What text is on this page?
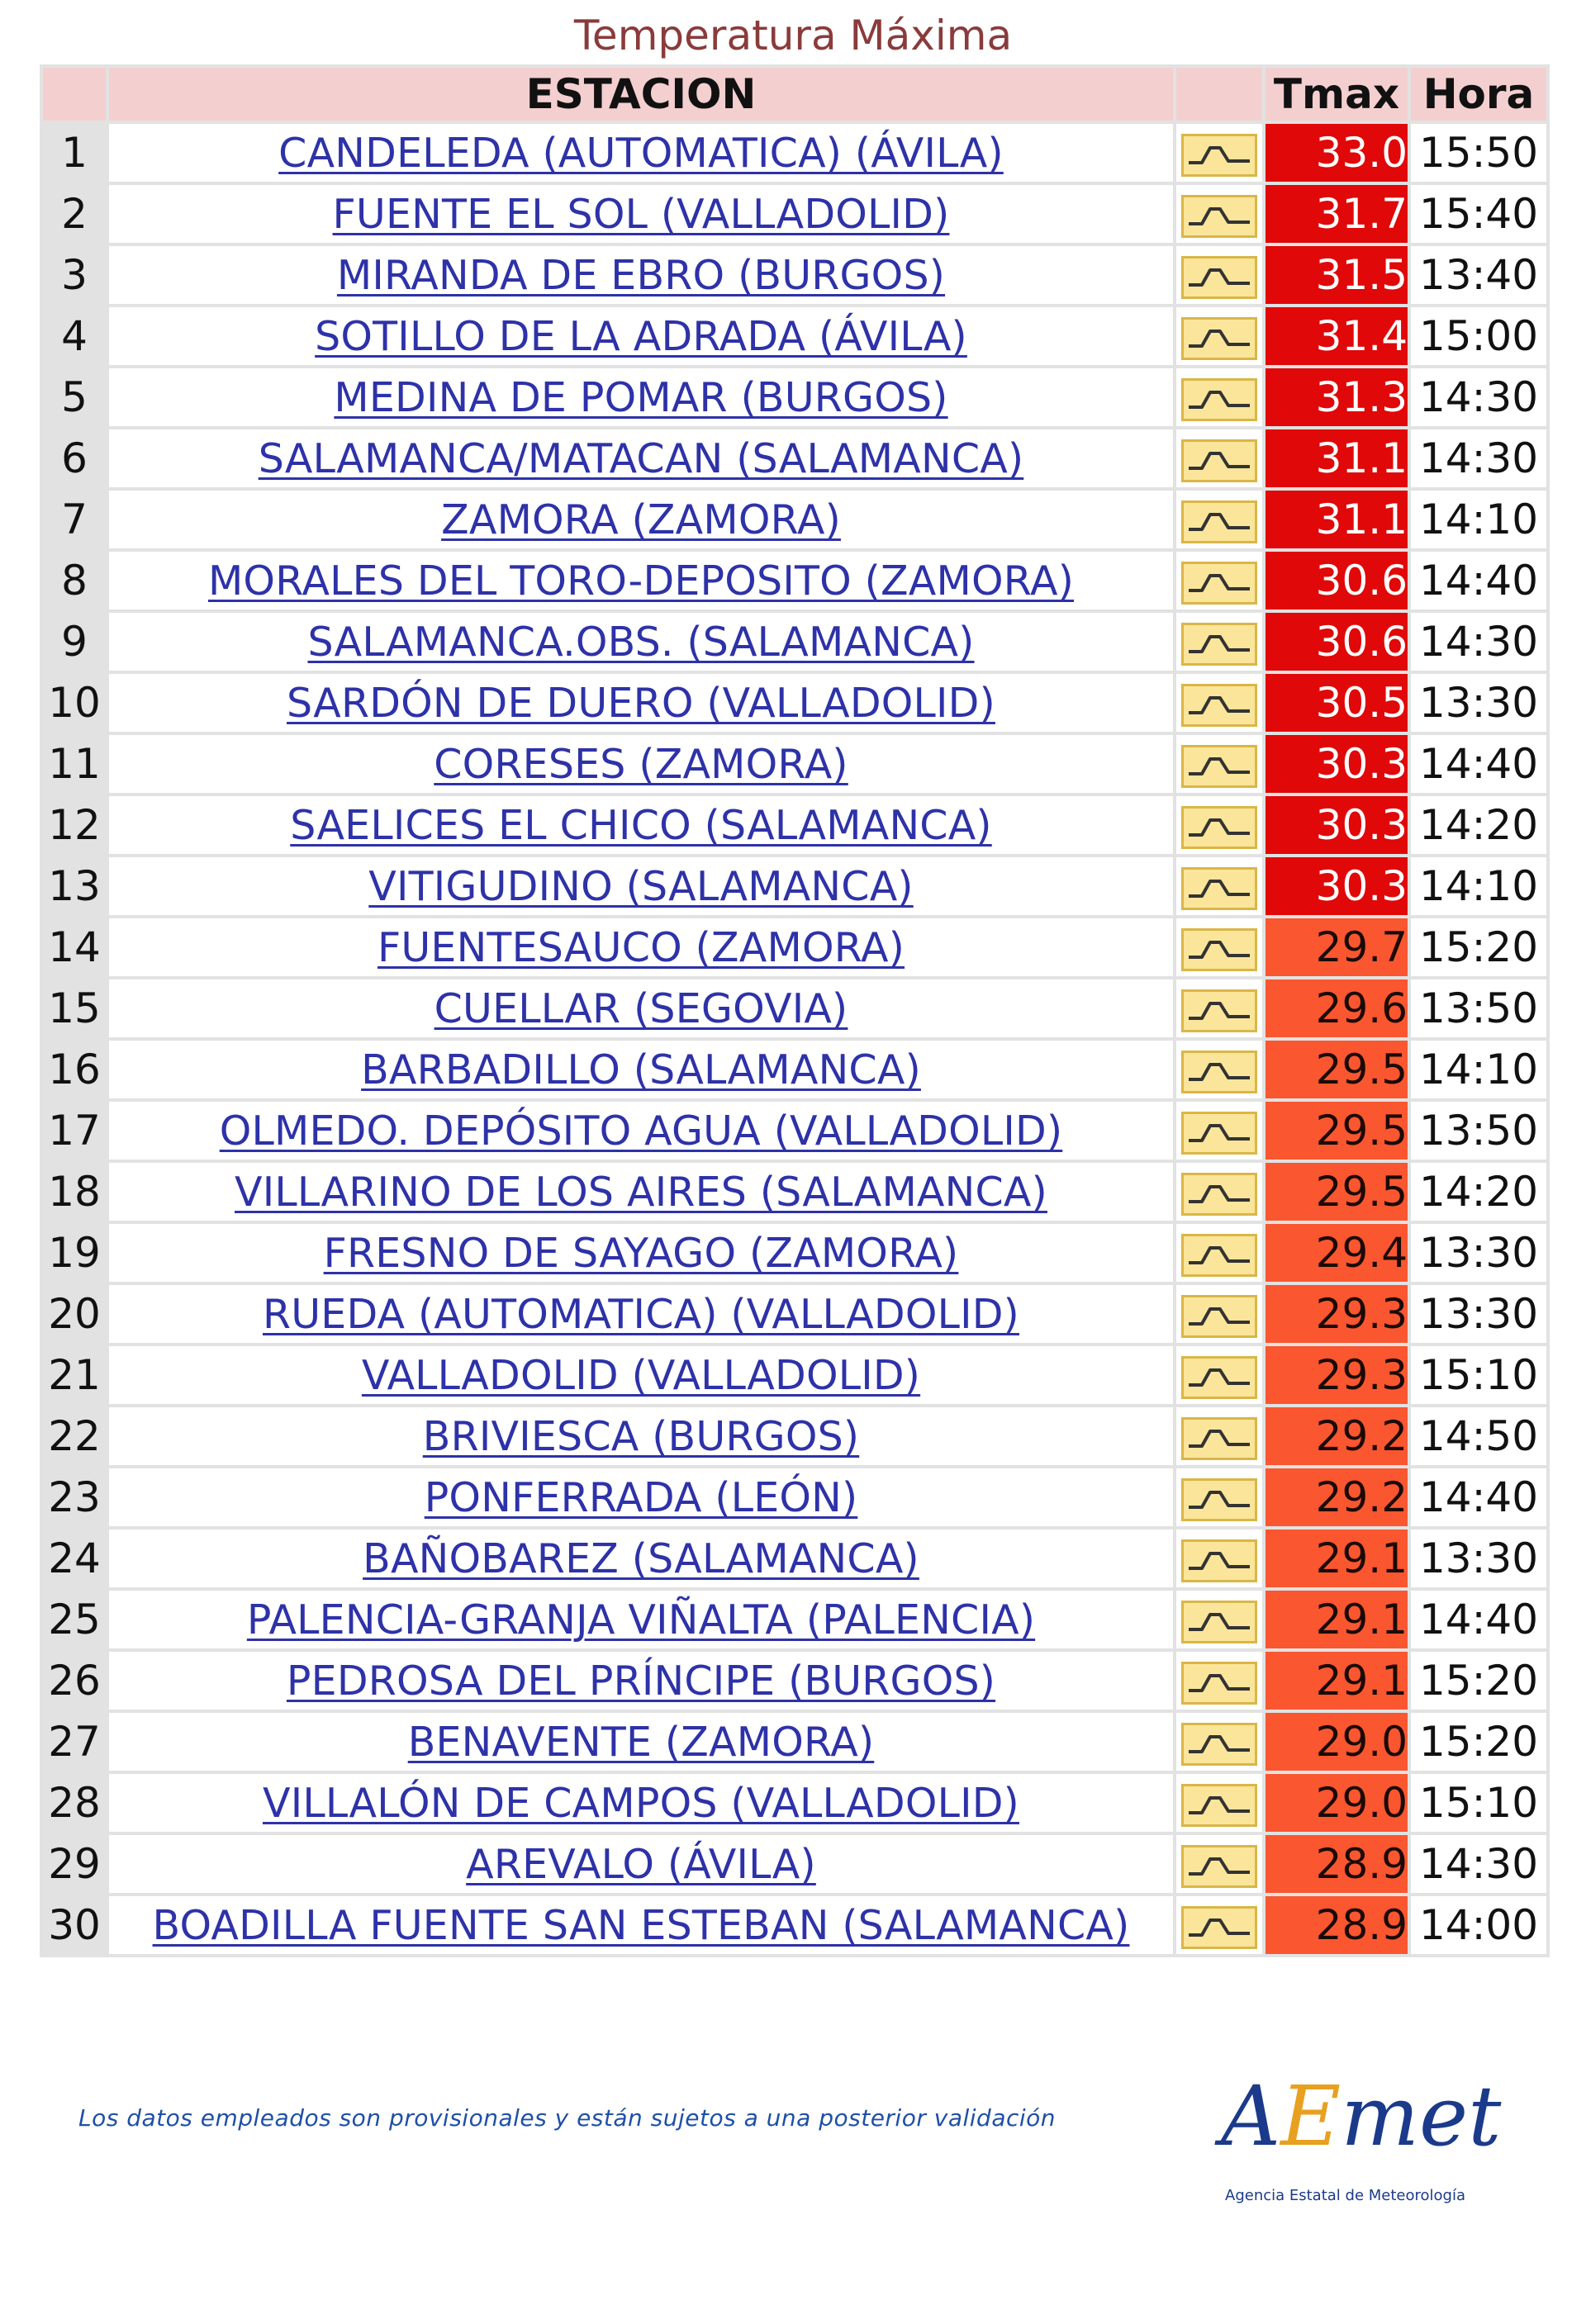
Temperatura Máxima
	ESTACION		Tmax	Hora
1	CANDELEDA (AUTOMATICA) (ÁVILA)		33.0	15:50
2	FUENTE EL SOL (VALLADOLID)		31.7	15:40
3	MIRANDA DE EBRO (BURGOS)		31.5	13:40
4	SOTILLO DE LA ADRADA (ÁVILA)		31.4	15:00
5	MEDINA DE POMAR (BURGOS)		31.3	14:30
6	SALAMANCA/MATACAN (SALAMANCA)		31.1	14:30
7	ZAMORA (ZAMORA)		31.1	14:10
8	MORALES DEL TORO-DEPOSITO (ZAMORA)		30.6	14:40
9	SALAMANCA.OBS. (SALAMANCA)		30.6	14:30
10	SARDÓN DE DUERO (VALLADOLID)		30.5	13:30
11	CORESES (ZAMORA)		30.3	14:40
12	SAELICES EL CHICO (SALAMANCA)		30.3	14:20
13	VITIGUDINO (SALAMANCA)		30.3	14:10
14	FUENTESAUCO (ZAMORA)		29.7	15:20
15	CUELLAR (SEGOVIA)		29.6	13:50
16	BARBADILLO (SALAMANCA)		29.5	14:10
17	OLMEDO. DEPÓSITO AGUA (VALLADOLID)		29.5	13:50
18	VILLARINO DE LOS AIRES (SALAMANCA)		29.5	14:20
19	FRESNO DE SAYAGO (ZAMORA)		29.4	13:30
20	RUEDA (AUTOMATICA) (VALLADOLID)		29.3	13:30
21	VALLADOLID (VALLADOLID)		29.3	15:10
22	BRIVIESCA (BURGOS)		29.2	14:50
23	PONFERRADA (LEÓN)		29.2	14:40
24	BAÑOBAREZ (SALAMANCA)		29.1	13:30
25	PALENCIA-GRANJA VIÑALTA (PALENCIA)		29.1	14:40
26	PEDROSA DEL PRÍNCIPE (BURGOS)		29.1	15:20
27	BENAVENTE (ZAMORA)		29.0	15:20
28	VILLALÓN DE CAMPOS (VALLADOLID)		29.0	15:10
29	AREVALO (ÁVILA)		28.9	14:30
30	BOADILLA FUENTE SAN ESTEBAN (SALAMANCA)		28.9	14:00
Los datos empleados son provisionales y están sujetos a una posterior validación AEmet
Agencia Estatal de Meteorología
